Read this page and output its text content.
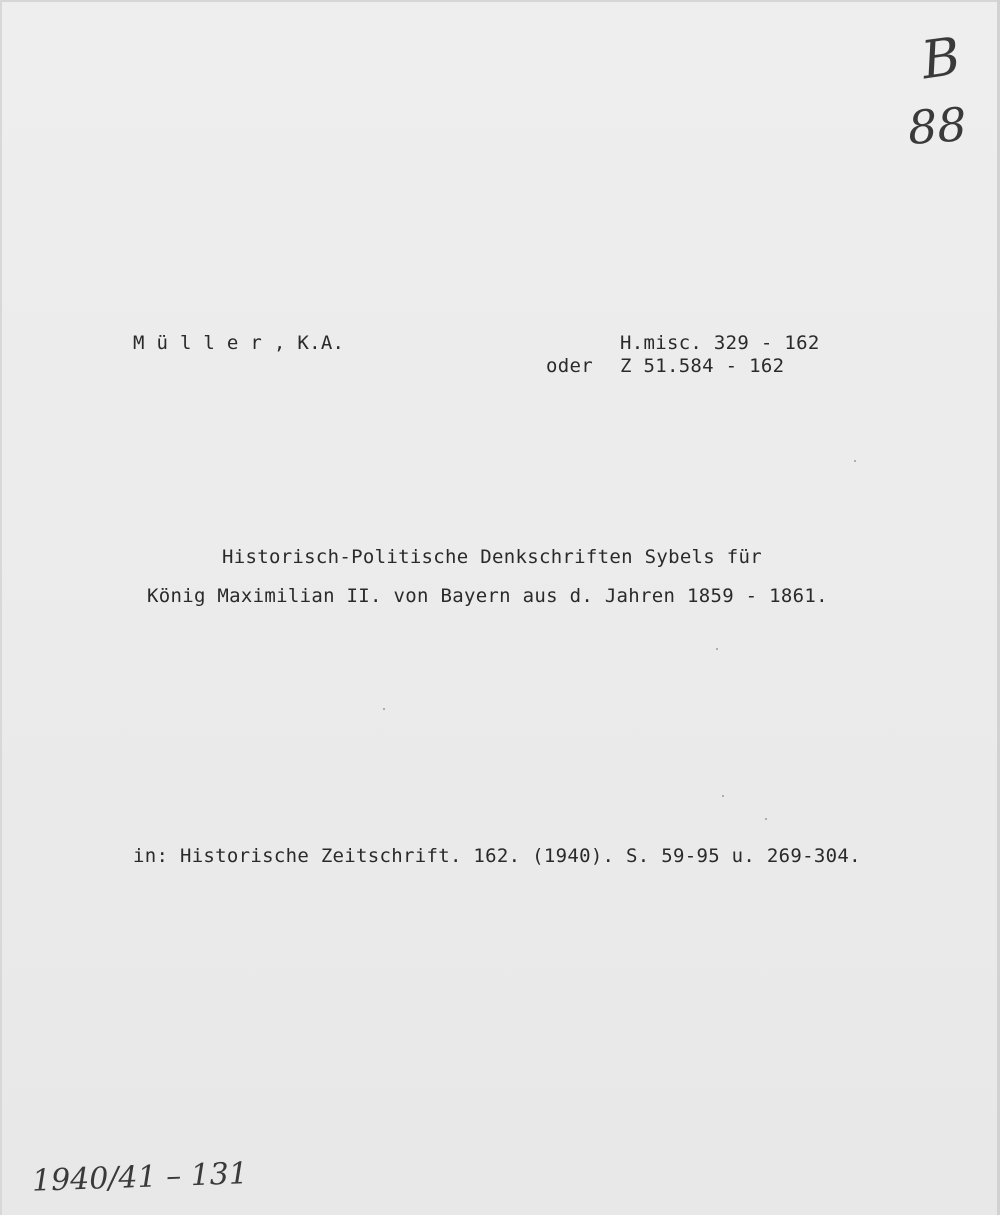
B
88
M ü l l e r , K.A.	H.misc. 329 - 162
oder Z 51.584 - 162
Historisch-Politische Denkschriften Sybels für
König Maximilian II. von Bayern aus d. Jahren 1859 - 1861.
in: Historische Zeitschrift. 162. (1940). S. 59-95 u. 269-304.
1940/41 – 131
